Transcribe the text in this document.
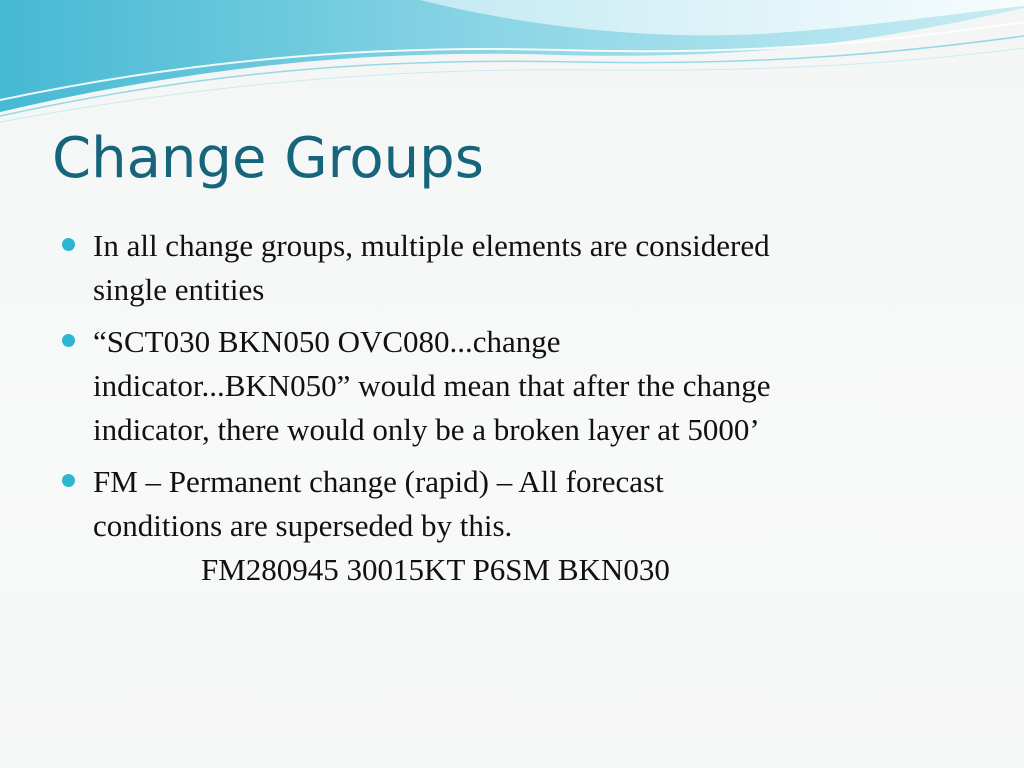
Change Groups
In all change groups, multiple elements are considered
single entities
“SCT030 BKN050 OVC080...change
indicator...BKN050” would mean that after the change
indicator, there would only be a broken layer at 5000’
FM – Permanent change (rapid) – All forecast
conditions are superseded by this.
FM280945 30015KT P6SM BKN030
